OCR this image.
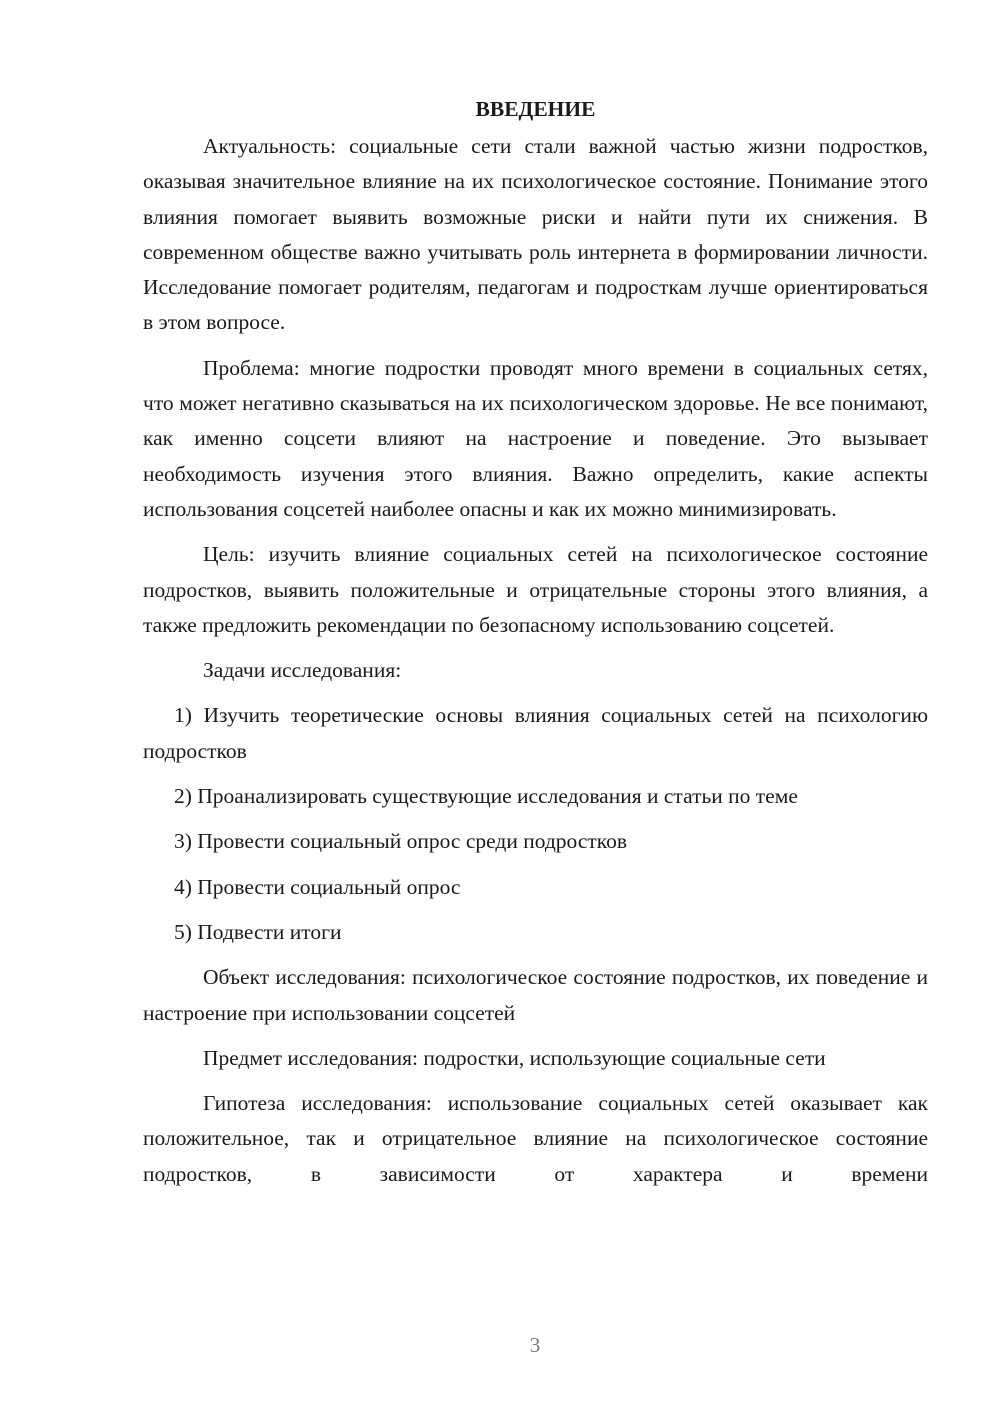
ВВЕДЕНИЕ

Актуальность: социальные сети стали важной частью жизни подростков, оказывая значительное влияние на их психологическое состояние. Понимание этого влияния помогает выявить возможные риски и найти пути их снижения. В современном обществе важно учитывать роль интернета в формировании личности. Исследование помогает родителям, педагогам и подросткам лучше ориентироваться в этом вопросе.

Проблема: многие подростки проводят много времени в социальных сетях, что может негативно сказываться на их психологическом здоровье. Не все понимают, как именно соцсети влияют на настроение и поведение. Это вызывает необходимость изучения этого влияния. Важно определить, какие аспекты использования соцсетей наиболее опасны и как их можно минимизировать.

Цель: изучить влияние социальных сетей на психологическое состояние подростков, выявить положительные и отрицательные стороны этого влияния, а также предложить рекомендации по безопасному использованию соцсетей.

Задачи исследования:

1) Изучить теоретические основы влияния социальных сетей на психологию подростков

2) Проанализировать существующие исследования и статьи по теме

3) Провести социальный опрос среди подростков

4) Провести социальный опрос

5) Подвести итоги

Объект исследования: психологическое состояние подростков, их поведение и настроение при использовании соцсетей

Предмет исследования: подростки, использующие социальные сети

Гипотеза исследования: использование социальных сетей оказывает как положительное, так и отрицательное влияние на психологическое состояние подростков, в зависимости от характера и времени

3
